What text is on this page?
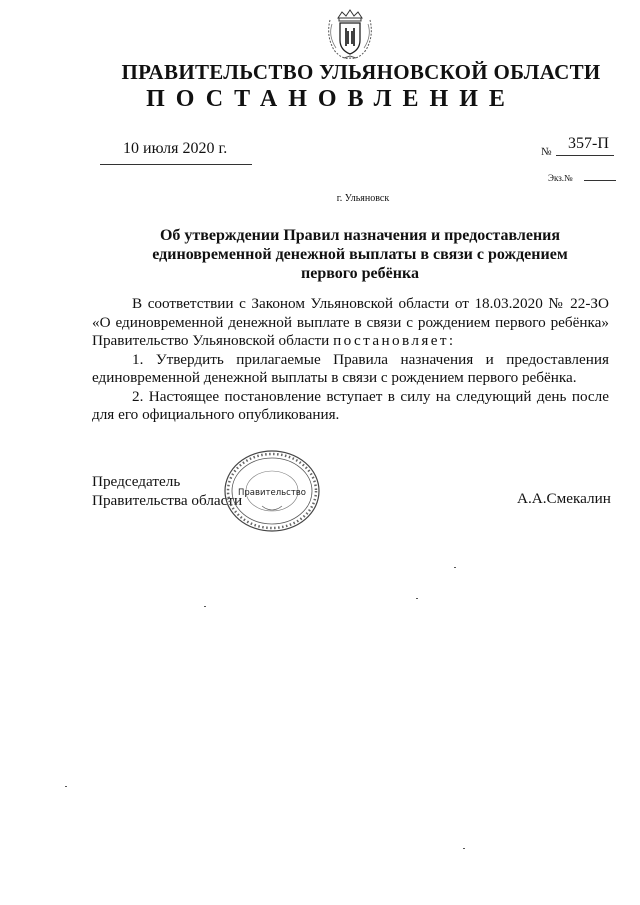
ПРАВИТЕЛЬСТВО УЛЬЯНОВСКОЙ ОБЛАСТИ
ПОСТАНОВЛЕНИЕ
10 июля 2020 г.	№ 357-П
Экз.№
г. Ульяновск
Об утверждении Правил назначения и предоставления
единовременной денежной выплаты в связи с рождением
первого ребёнка

В соответствии с Законом Ульяновской области от 18.03.2020 № 22-ЗО «О единовременной денежной выплате в связи с рождением первого ребёнка» Правительство Ульяновской области постановляет:

1. Утвердить прилагаемые Правила назначения и предоставления единовременной денежной выплаты в связи с рождением первого ребёнка.

2. Настоящее постановление вступает в силу на следующий день после для его официального опубликования.

Председатель
Правительства области
Правительство	А.А.Смекалин
